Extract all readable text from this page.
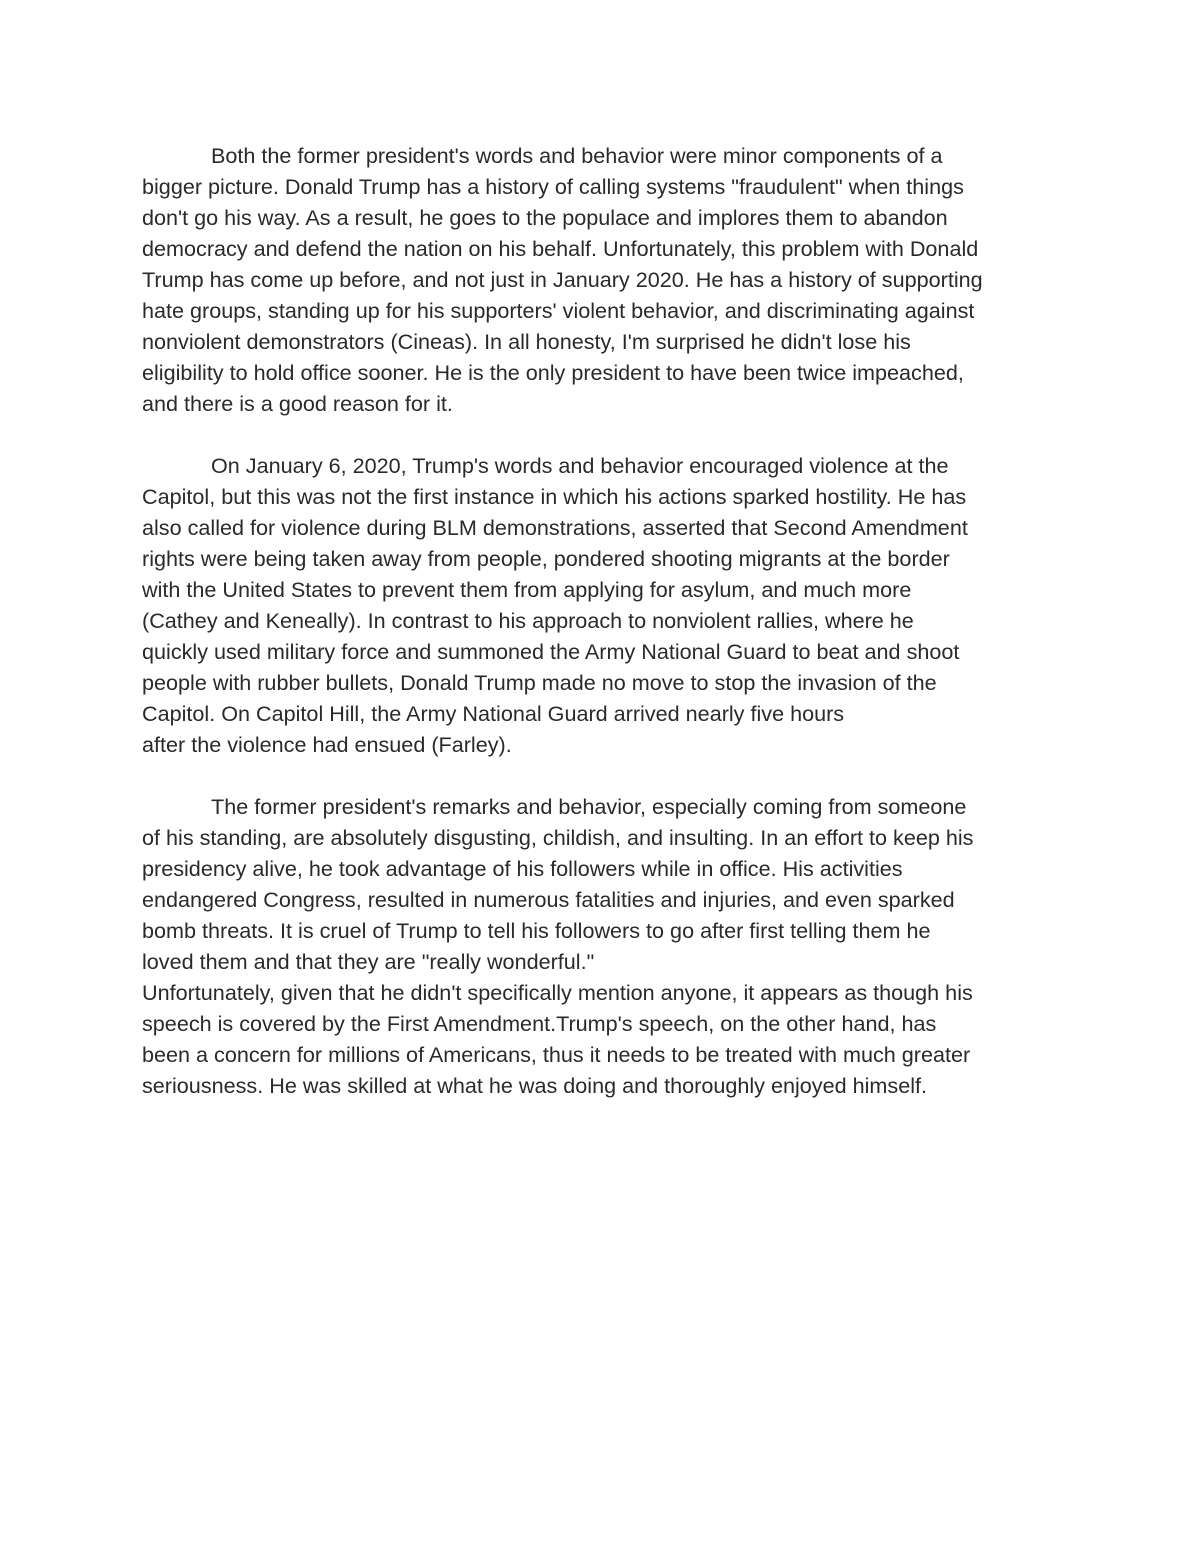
Both the former president's words and behavior were minor components of a
bigger picture. Donald Trump has a history of calling systems "fraudulent" when things
don't go his way. As a result, he goes to the populace and implores them to abandon
democracy and defend the nation on his behalf. Unfortunately, this problem with Donald
Trump has come up before, and not just in January 2020. He has a history of supporting
hate groups, standing up for his supporters' violent behavior, and discriminating against
nonviolent demonstrators (Cineas). In all honesty, I'm surprised he didn't lose his
eligibility to hold office sooner. He is the only president to have been twice impeached,
and there is a good reason for it.
On January 6, 2020, Trump's words and behavior encouraged violence at the
Capitol, but this was not the first instance in which his actions sparked hostility. He has
also called for violence during BLM demonstrations, asserted that Second Amendment
rights were being taken away from people, pondered shooting migrants at the border
with the United States to prevent them from applying for asylum, and much more
(Cathey and Keneally). In contrast to his approach to nonviolent rallies, where he
quickly used military force and summoned the Army National Guard to beat and shoot
people with rubber bullets, Donald Trump made no move to stop the invasion of the
Capitol. On Capitol Hill, the Army National Guard arrived nearly five hours
after the violence had ensued (Farley).
The former president's remarks and behavior, especially coming from someone
of his standing, are absolutely disgusting, childish, and insulting. In an effort to keep his
presidency alive, he took advantage of his followers while in office. His activities
endangered Congress, resulted in numerous fatalities and injuries, and even sparked
bomb threats. It is cruel of Trump to tell his followers to go after first telling them he
loved them and that they are "really wonderful."
Unfortunately, given that he didn't specifically mention anyone, it appears as though his
speech is covered by the First Amendment.Trump's speech, on the other hand, has
been a concern for millions of Americans, thus it needs to be treated with much greater
seriousness. He was skilled at what he was doing and thoroughly enjoyed himself.
